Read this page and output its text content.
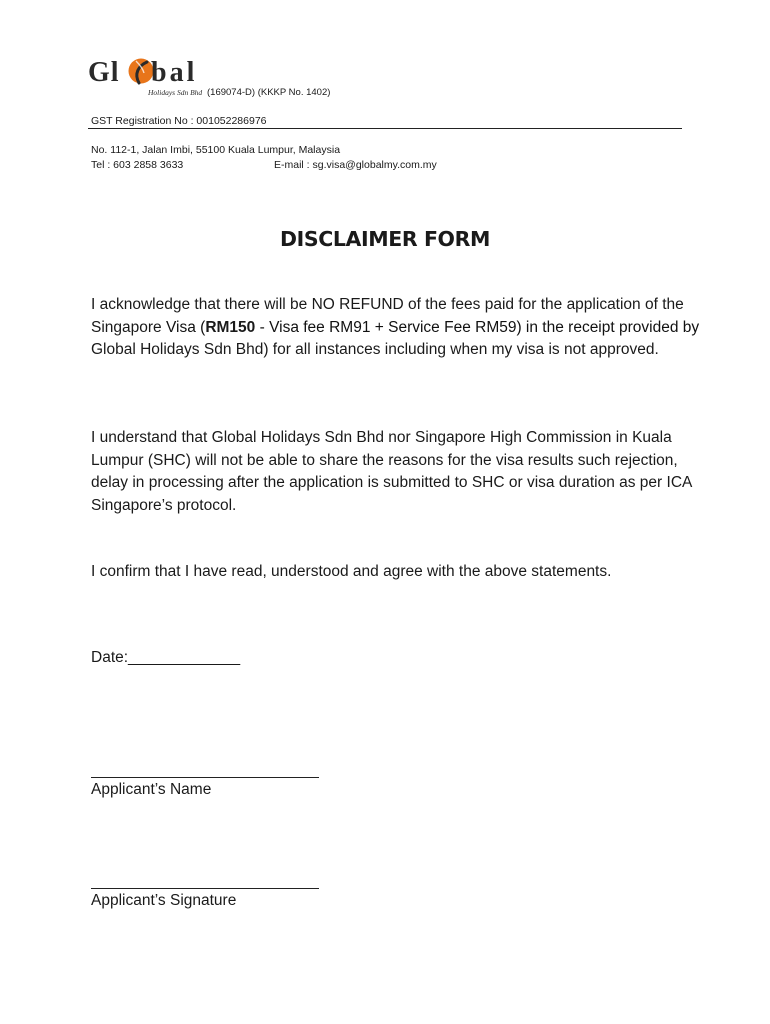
Gl bal
Holidays Sdn Bhd (169074-D) (KKKP No. 1402)
GST Registration No : 001052286976
No. 112-1, Jalan Imbi, 55100 Kuala Lumpur, Malaysia
Tel : 603 2858 3633	E-mail : sg.visa@globalmy.com.my
DISCLAIMER FORM
I acknowledge that there will be NO REFUND of the fees paid for the application of the Singapore Visa (RM150 - Visa fee RM91 + Service Fee RM59) in the receipt provided by Global Holidays Sdn Bhd) for all instances including when my visa is not approved.
I understand that Global Holidays Sdn Bhd nor Singapore High Commission in Kuala Lumpur (SHC) will not be able to share the reasons for the visa results such rejection, delay in processing after the application is submitted to SHC or visa duration as per ICA Singapore’s protocol.
I confirm that I have read, understood and agree with the above statements.
Date:_____________
Applicant’s Name
Applicant’s Signature
